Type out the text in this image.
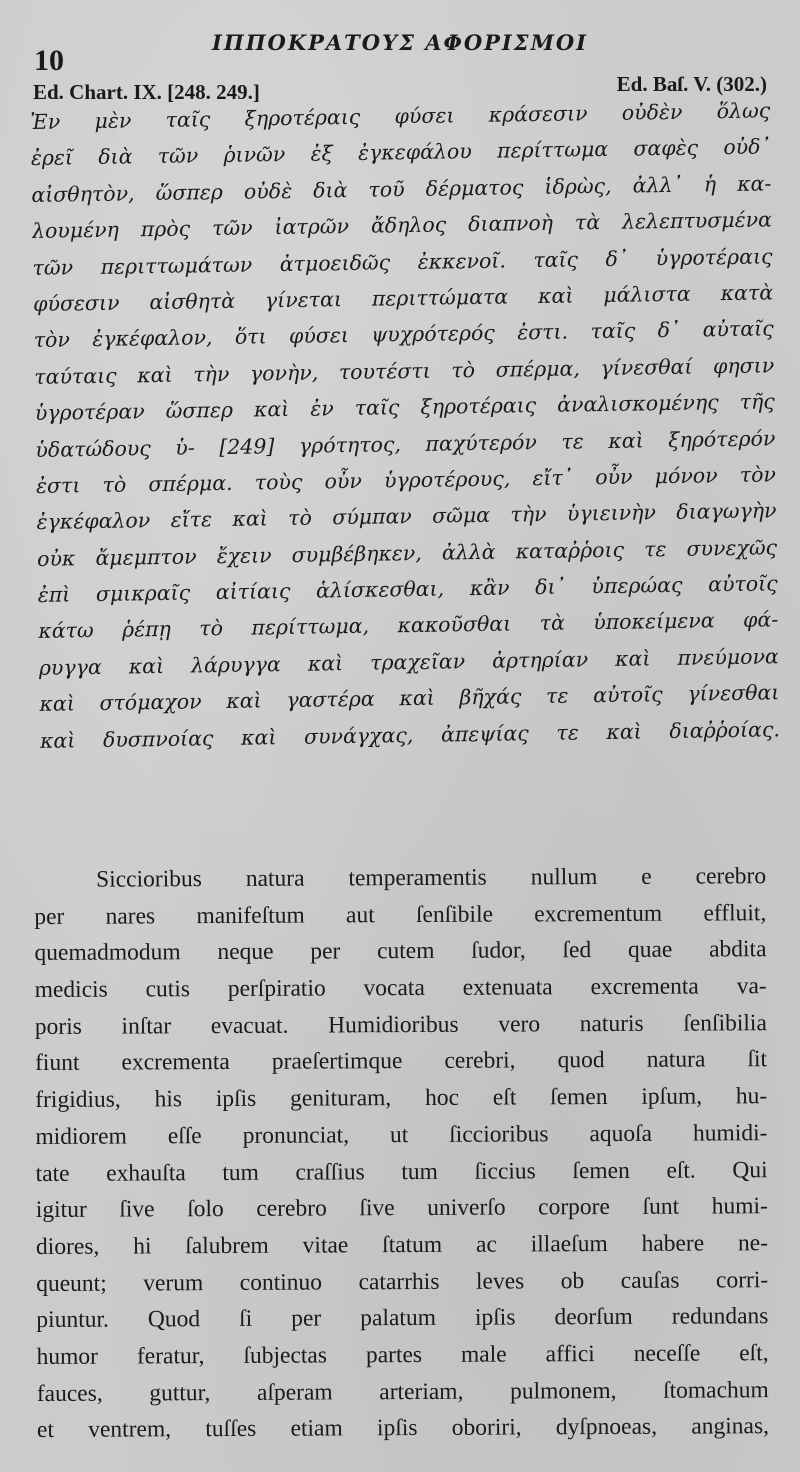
10
ΙΠΠΟΚΡΑΤΟΥΣ ΑΦΟΡΙΣΜΟΙ
Ed. Chart. IX. [248. 249.]	Ed. Baſ. V. (302.)
Ἐν μὲν ταῖς ξηροτέραις φύσει κράσεσιν οὐδὲν ὅλως
ἐρεῖ διὰ τῶν ῥινῶν ἐξ ἐγκεφάλου περίττωμα σαφὲς οὐδ᾽
αἰσθητὸν, ὥσπερ οὐδὲ διὰ τοῦ δέρματος ἱδρὼς, ἀλλ᾽ ἡ κα-
λουμένη πρὸς τῶν ἰατρῶν ἄδηλος διαπνοὴ τὰ λελεπτυσμένα
τῶν περιττωμάτων ἀτμοειδῶς ἐκκενοῖ. ταῖς δ᾽ ὑγροτέραις
φύσεσιν αἰσθητὰ γίνεται περιττώματα καὶ μάλιστα κατὰ
τὸν ἐγκέφαλον, ὅτι φύσει ψυχρότερός ἐστι. ταῖς δ᾽ αὐταῖς
ταύταις καὶ τὴν γονὴν, τουτέστι τὸ σπέρμα, γίνεσθαί φησιν
ὑγροτέραν ὥσπερ καὶ ἐν ταῖς ξηροτέραις ἀναλισκομένης τῆς
ὑδατώδους ὑ- [249] γρότητος, παχύτερόν τε καὶ ξηρότερόν
ἐστι τὸ σπέρμα. τοὺς οὖν ὑγροτέρους, εἴτ᾽ οὖν μόνον τὸν
ἐγκέφαλον εἴτε καὶ τὸ σύμπαν σῶμα τὴν ὑγιεινὴν διαγωγὴν
οὐκ ἄμεμπτον ἔχειν συμβέβηκεν, ἀλλὰ καταῤῥοις τε συνεχῶς
ἐπὶ σμικραῖς αἰτίαις ἁλίσκεσθαι, κἂν δι᾽ ὑπερώας αὐτοῖς
κάτω ῥέπῃ τὸ περίττωμα, κακοῦσθαι τὰ ὑποκείμενα φά-
ρυγγα καὶ λάρυγγα καὶ τραχεῖαν ἀρτηρίαν καὶ πνεύμονα
καὶ στόμαχον καὶ γαστέρα καὶ βῆχάς τε αὐτοῖς γίνεσθαι
καὶ δυσπνοίας καὶ συνάγχας, ἀπεψίας τε καὶ διαῤῥοίας.
Siccioribus natura temperamentis nullum e cerebro
per nares manifeſtum aut ſenſibile excrementum effluit,
quemadmodum neque per cutem ſudor, ſed quae abdita
medicis cutis perſpiratio vocata extenuata excrementa va-
poris inſtar evacuat. Humidioribus vero naturis ſenſibilia
fiunt excrementa praeſertimque cerebri, quod natura ſit
frigidius, his ipſis genituram, hoc eſt ſemen ipſum, hu-
midiorem eſſe pronunciat, ut ſiccioribus aquoſa humidi-
tate exhauſta tum craſſius tum ſiccius ſemen eſt. Qui
igitur ſive ſolo cerebro ſive univerſo corpore ſunt humi-
diores, hi ſalubrem vitae ſtatum ac illaeſum habere ne-
queunt; verum continuo catarrhis leves ob cauſas corri-
piuntur. Quod ſi per palatum ipſis deorſum redundans
humor feratur, ſubjectas partes male affici neceſſe eſt,
fauces, guttur, aſperam arteriam, pulmonem, ſtomachum
et ventrem, tuſſes etiam ipſis oboriri, dyſpnoeas, anginas,
